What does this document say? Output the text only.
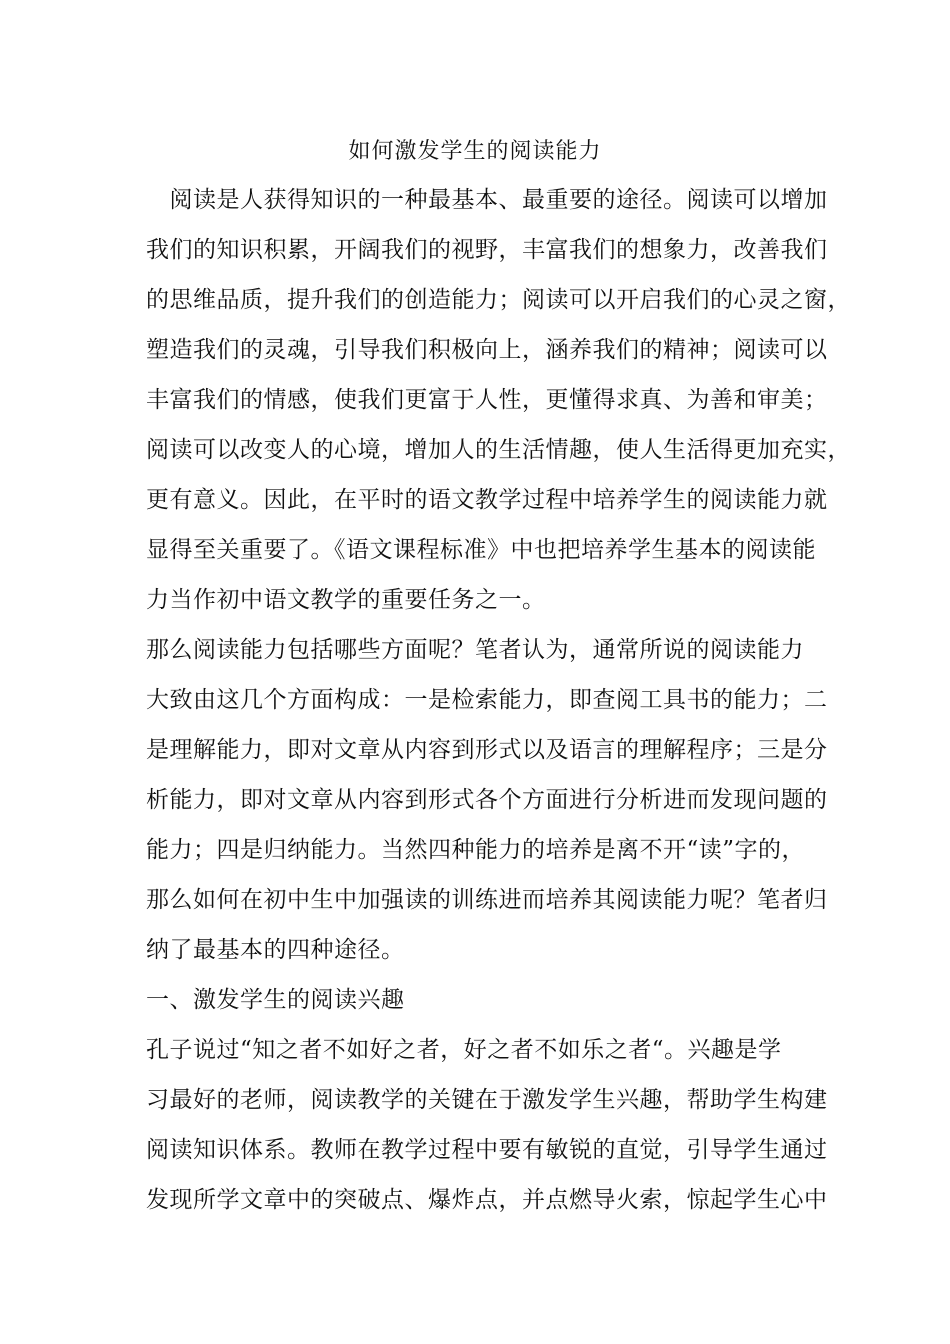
如何激发学生的阅读能力
　阅读是人获得知识的一种最基本、最重要的途径。阅读可以增加
我们的知识积累，开阔我们的视野，丰富我们的想象力，改善我们
的思维品质，提升我们的创造能力；阅读可以开启我们的心灵之窗，
塑造我们的灵魂，引导我们积极向上，涵养我们的精神；阅读可以
丰富我们的情感，使我们更富于人性，更懂得求真、为善和审美；
阅读可以改变人的心境，增加人的生活情趣，使人生活得更加充实，
更有意义。因此，在平时的语文教学过程中培养学生的阅读能力就
显得至关重要了。《语文课程标准》中也把培养学生基本的阅读能
力当作初中语文教学的重要任务之一。
那么阅读能力包括哪些方面呢？笔者认为，通常所说的阅读能力
大致由这几个方面构成：一是检索能力，即查阅工具书的能力；二
是理解能力，即对文章从内容到形式以及语言的理解程序；三是分
析能力，即对文章从内容到形式各个方面进行分析进而发现问题的
能力；四是归纳能力。当然四种能力的培养是离不开“读”字的，
那么如何在初中生中加强读的训练进而培养其阅读能力呢？笔者归
纳了最基本的四种途径。
一、激发学生的阅读兴趣
孔子说过“知之者不如好之者，好之者不如乐之者“。兴趣是学
习最好的老师，阅读教学的关键在于激发学生兴趣，帮助学生构建
阅读知识体系。教师在教学过程中要有敏锐的直觉，引导学生通过
发现所学文章中的突破点、爆炸点，并点燃导火索，惊起学生心中
